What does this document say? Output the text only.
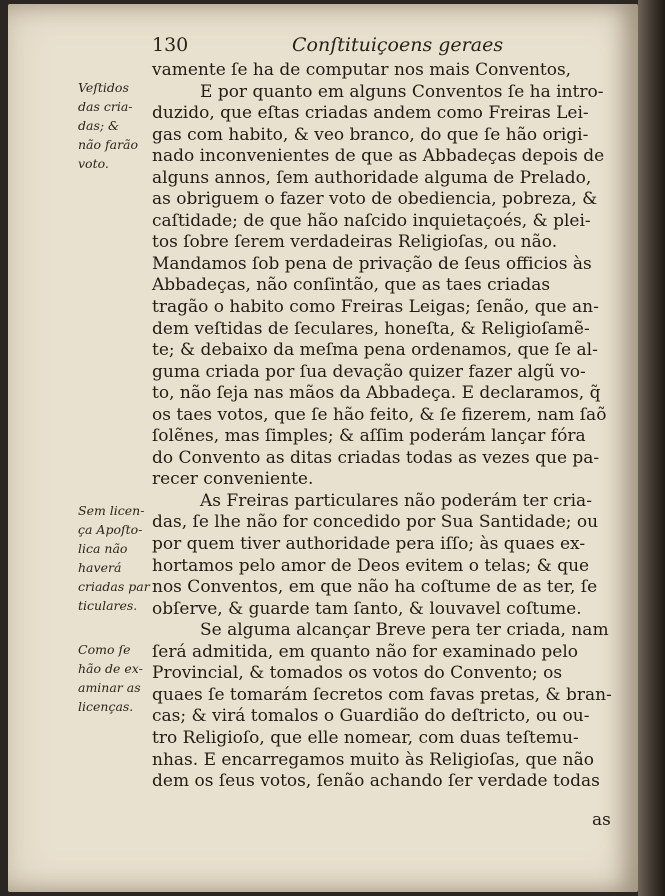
130	Conſtituiçoens geraes
vamente ſe ha de computar nos mais Conventos,
E por quanto em alguns Conventos ſe ha intro-
duzido, que eſtas criadas andem como Freiras Lei-
gas com habito, & veo branco, do que ſe hão origi-
nado inconvenientes de que as Abbadeças depois de
alguns annos, ſem authoridade alguma de Prelado,
as obriguem o fazer voto de obediencia, pobreza, &
caſtidade; de que hão naſcido inquietaçoés, & plei-
tos ſobre ſerem verdadeiras Religioſas, ou não.
Mandamos ſob pena de privação de ſeus officios às
Abbadeças, não conſintão, que as taes criadas
tragão o habito como Freiras Leigas; ſenão, que an-
dem veſtidas de ſeculares, honeſta, & Religioſamẽ-
te; & debaixo da meſma pena ordenamos, que ſe al-
guma criada por ſua devação quizer fazer algũ vo-
to, não ſeja nas mãos da Abbadeça. E declaramos, q̃
os taes votos, que ſe hão feito, & ſe fizerem, nam ſaõ
ſolẽnes, mas ſimples; & aſſim poderám lançar fóra
do Convento as ditas criadas todas as vezes que pa-
recer conveniente.
As Freiras particulares não poderám ter cria-
das, ſe lhe não for concedido por Sua Santidade; ou
por quem tiver authoridade pera iſſo; às quaes ex-
hortamos pelo amor de Deos evitem o telas; & que
nos Conventos, em que não ha coſtume de as ter, ſe
obſerve, & guarde tam ſanto, & louvavel coſtume.
Se alguma alcançar Breve pera ter criada, nam
ſerá admitida, em quanto não for examinado pelo
Provincial, & tomados os votos do Convento; os
quaes ſe tomarám ſecretos com favas pretas, & bran-
cas; & virá tomalos o Guardião do deſtricto, ou ou-
tro Religioſo, que elle nomear, com duas teſtemu-
nhas. E encarregamos muito às Religioſas, que não
dem os ſeus votos, ſenão achando ſer verdade todas
Veſtidos
das cria-
das; &
não farão
voto.
Sem licen-
ça Apoſto-
lica não
haverá
criadas par
ticulares.
Como ſe
hão de ex-
aminar as
licenças.
as
